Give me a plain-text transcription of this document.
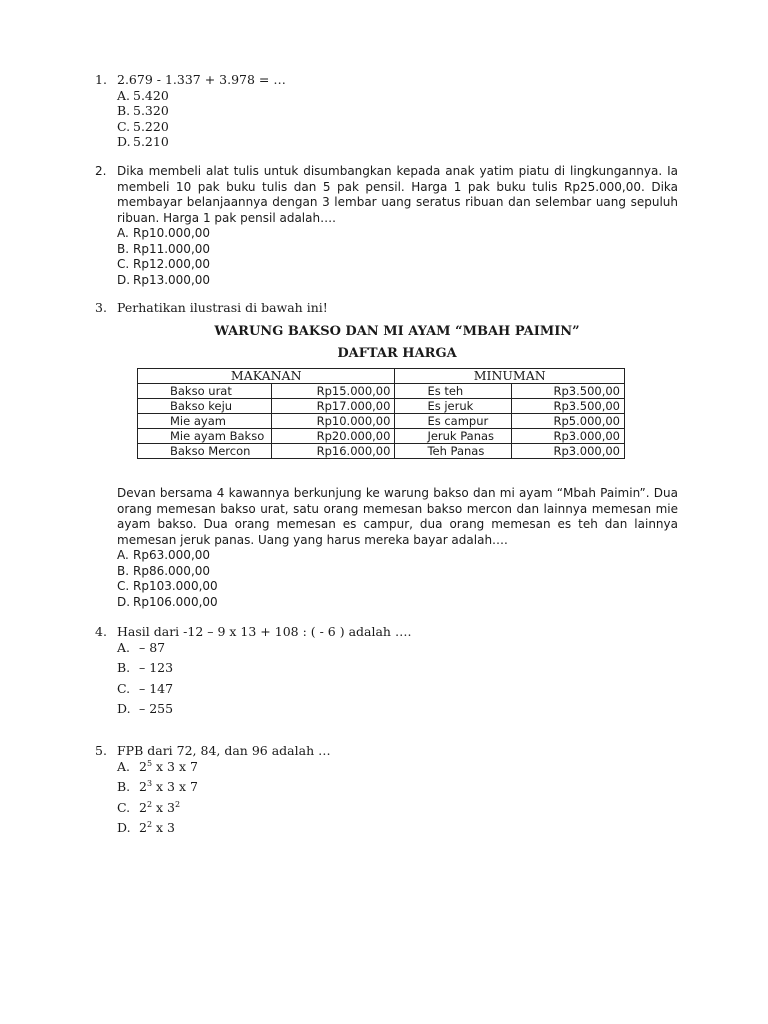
1. 2.679 - 1.337 + 3.978 = …
A. 5.420
B. 5.320
C. 5.220
D. 5.210
2. Dika membeli alat tulis untuk disumbangkan kepada anak yatim piatu di lingkungannya. Ia membeli 10 pak buku tulis dan 5 pak pensil. Harga 1 pak buku tulis Rp25.000,00. Dika membayar belanjaannya dengan 3 lembar uang seratus ribuan dan selembar uang sepuluh ribuan. Harga 1 pak pensil adalah….
A. Rp10.000,00
B. Rp11.000,00
C. Rp12.000,00
D. Rp13.000,00
3. Perhatikan ilustrasi di bawah ini!
WARUNG BAKSO DAN MI AYAM “MBAH PAIMIN”
DAFTAR HARGA
MAKANAN		MINUMAN	
Bakso urat	Rp15.000,00	Es teh	Rp3.500,00
Bakso keju	Rp17.000,00	Es jeruk	Rp3.500,00
Mie ayam	Rp10.000,00	Es campur	Rp5.000,00
Mie ayam Bakso	Rp20.000,00	Jeruk Panas	Rp3.000,00
Bakso Mercon	Rp16.000,00	Teh Panas	Rp3.000,00
Devan bersama 4 kawannya berkunjung ke warung bakso dan mi ayam “Mbah Paimin”. Dua orang memesan bakso urat, satu orang memesan bakso mercon dan lainnya memesan mie ayam bakso. Dua orang memesan es campur, dua orang memesan es teh dan lainnya memesan jeruk panas. Uang yang harus mereka bayar adalah….
A. Rp63.000,00
B. Rp86.000,00
C. Rp103.000,00
D. Rp106.000,00
4. Hasil dari -12 – 9 x 13 + 108 : ( - 6 ) adalah ….
A. – 87
B. – 123
C. – 147
D. – 255
5. FPB dari 72, 84, dan 96 adalah …
A. $2^5$ x 3 x 7
B. $2^3$ x 3 x 7
C. $2^2$ x $3^2$
D. $2^2$ x 3
